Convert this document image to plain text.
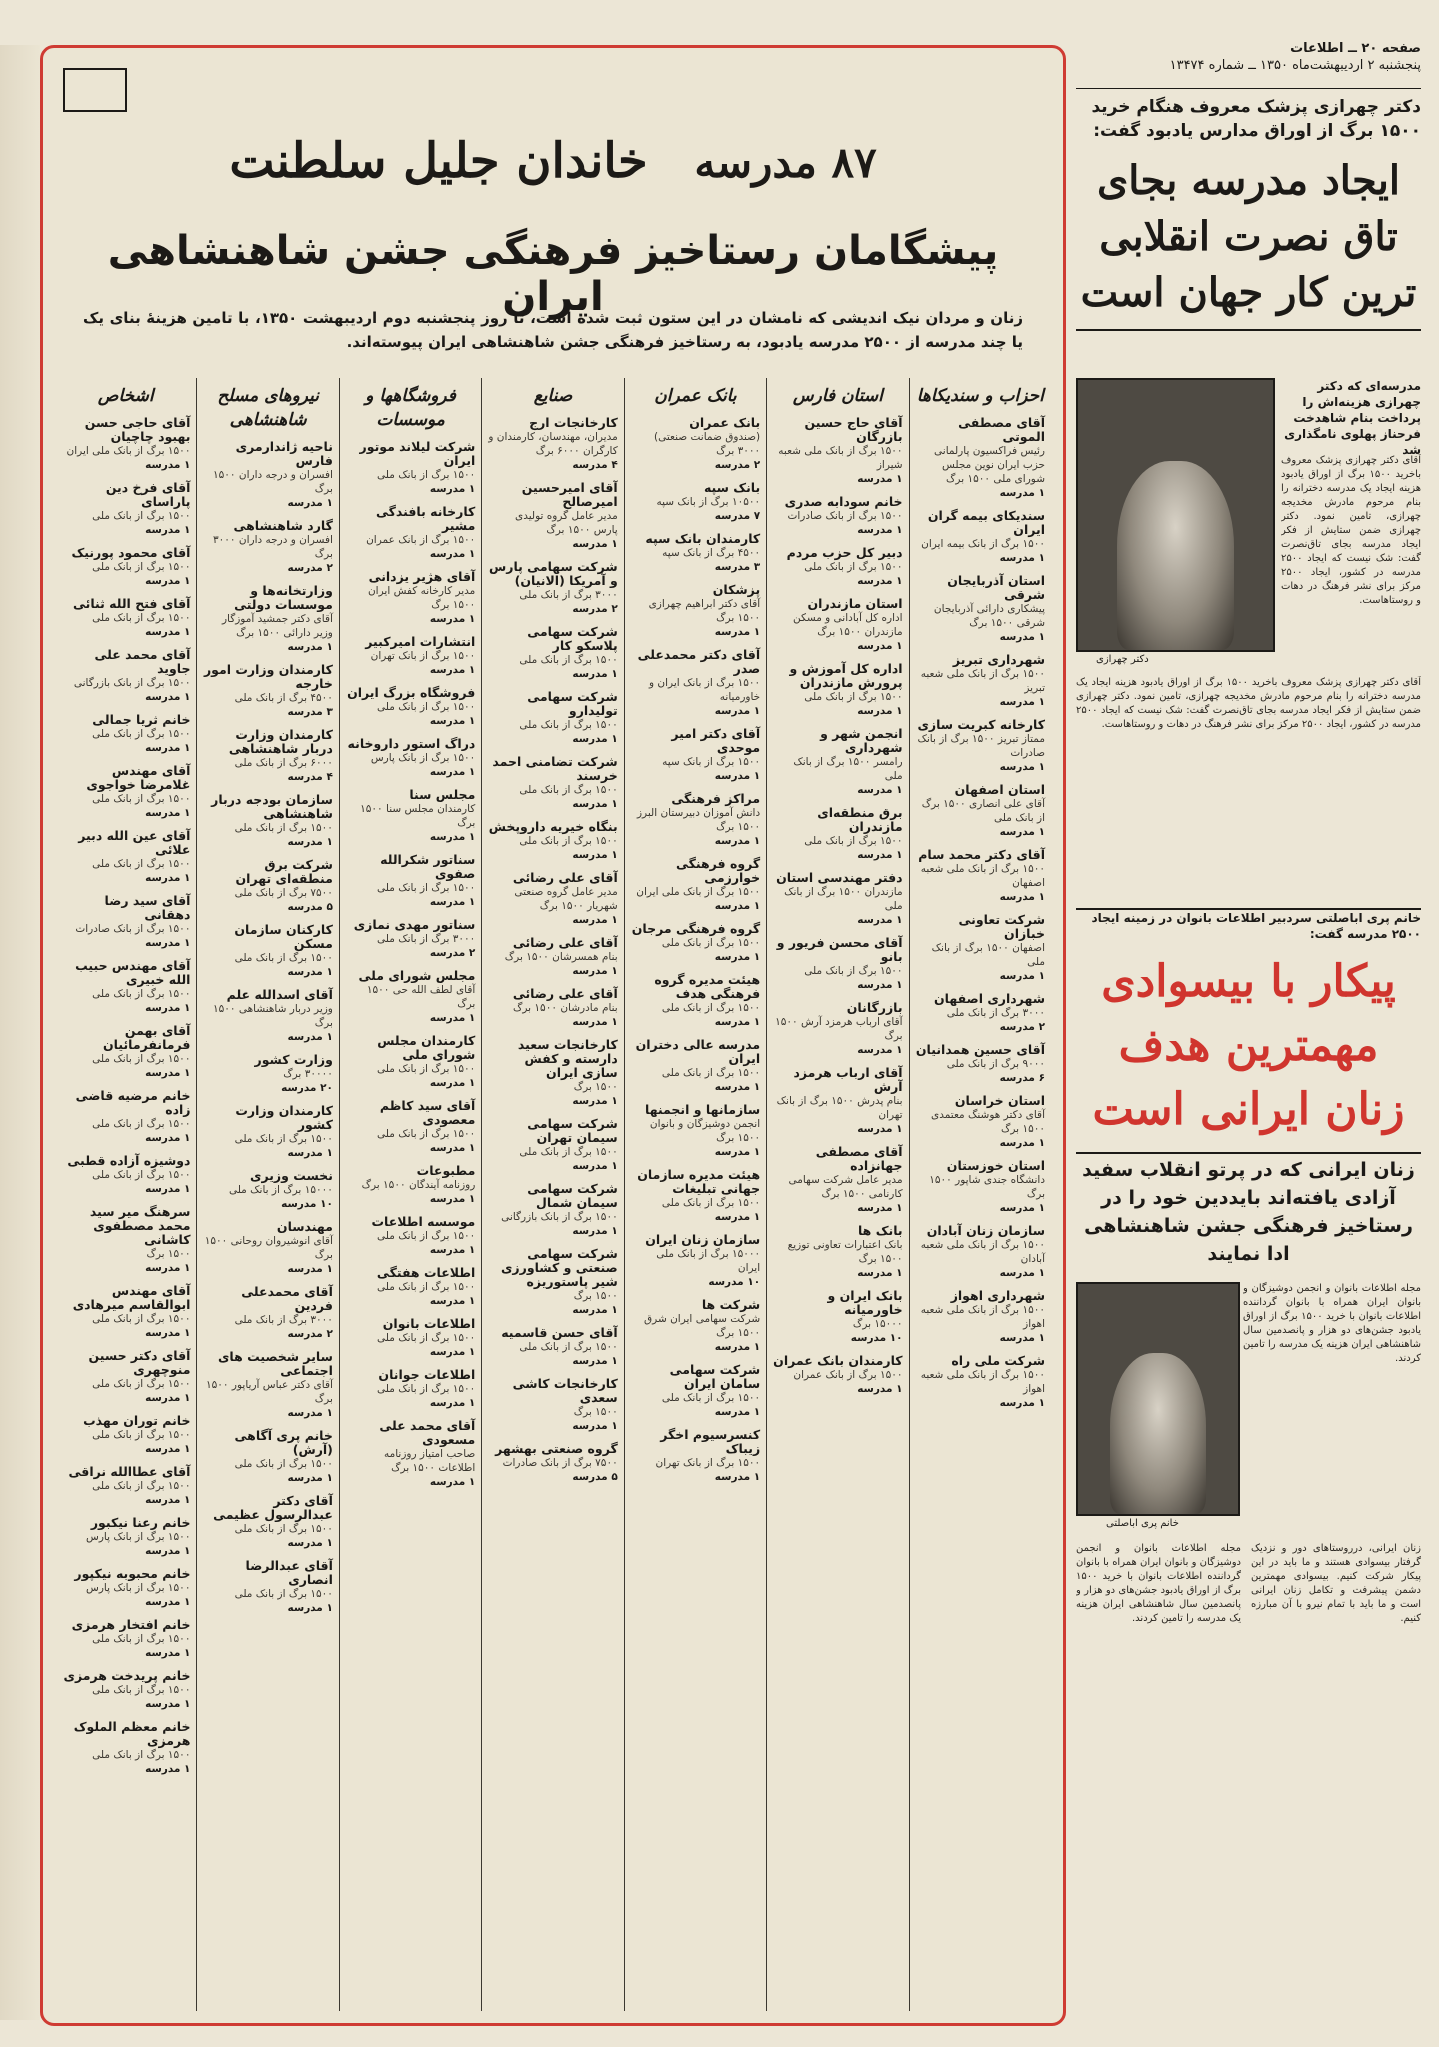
صفحه ۲۰ ــ اطلاعات
پنجشنبه ۲ اردیبهشت‌ماه ۱۳۵۰ ــ شماره ۱۳۴۷۴
دکتر چهرازی پزشک معروف هنگام خرید ۱۵۰۰ برگ از اوراق مدارس یادبود گفت:
ایجاد مدرسه بجای تاق نصرت انقلابی ترین کار جهان است
مدرسه‌ای که دکتر چهرازی هزینه‌اش را پرداخت بنام شاهدخت فرحناز پهلوی نامگذاری شد
دکتر چهرازی
آقای دکتر چهرازی پزشک معروف باخرید ۱۵۰۰ برگ از اوراق یادبود هزینه ایجاد یک مدرسه دخترانه را بنام مرحوم مادرش مخدیجه چهرازی، تامین نمود. دکتر چهرازی ضمن ستایش از فکر ایجاد مدرسه بجای تاق‌نصرت گفت: شک نیست که ایجاد ۲۵۰۰ مدرسه در کشور، ایجاد ۲۵۰۰ مرکز برای نشر فرهنگ در دهات و روستاهاست.
آقای دکتر چهرازی پزشک معروف باخرید ۱۵۰۰ برگ از اوراق یادبود هزینه ایجاد یک مدرسه دخترانه را بنام مرحوم مادرش مخدیجه چهرازی، تامین نمود. دکتر چهرازی ضمن ستایش از فکر ایجاد مدرسه بجای تاق‌نصرت گفت: شک نیست که ایجاد ۲۵۰۰ مدرسه در کشور، ایجاد ۲۵۰۰ مرکز برای نشر فرهنگ در دهات و روستاهاست.
خانم پری اباصلتی سردبیر اطلاعات بانوان در زمینه ایجاد ۲۵۰۰ مدرسه گفت:
پیکار با بیسوادی مهمترین هدف زنان ایرانی است
زنان ایرانی که در پرتو انقلاب سفید آزادی یافته‌اند بایددین خود را در رستاخیز فرهنگی جشن شاهنشاهی ادا نمایند
خانم پری اباصلتی
مجله اطلاعات بانوان و انجمن دوشیزگان و بانوان ایران همراه با بانوان گرداننده اطلاعات بانوان با خرید ۱۵۰۰ برگ از اوراق یادبود جشن‌های دو هزار و پانصدمین سال شاهنشاهی ایران هزینه یک مدرسه را تامین کردند.
زنان ایرانی، درروستاهای دور و نزدیک گرفتار بیسوادی هستند و ما باید در این پیکار شرکت کنیم. بیسوادی مهمترین دشمن پیشرفت و تکامل زنان ایرانی است و ما باید با تمام نیرو با آن مبارزه کنیم.
مجله اطلاعات بانوان و انجمن دوشیزگان و بانوان ایران همراه با بانوان گرداننده اطلاعات بانوان با خرید ۱۵۰۰ برگ از اوراق یادبود جشن‌های دو هزار و پانصدمین سال شاهنشاهی ایران هزینه یک مدرسه را تامین کردند.
۸۷ مدرسه خاندان جلیل سلطنت
پیشگامان رستاخیز فرهنگی جشن شاهنشاهی ایران
زنان و مردان نیک اندیشی که نامشان در این ستون ثبت شده است، تا روز پنجشنبه دوم اردیبهشت ۱۳۵۰، با تامین هزینهٔ بنای یک یا چند مدرسه از ۲۵۰۰ مدرسه یادبود، به رستاخیز فرهنگی جشن شاهنشاهی ایران پیوسته‌اند.
احزاب و سندیکاها
آقای مصطفی الموتی
رئیس فراکسیون پارلمانی حزب ایران نوین مجلس شورای ملی ۱۵۰۰ برگ
۱ مدرسه
سندیکای بیمه گران ایران
۱۵۰۰ برگ از بانک بیمه ایران
۱ مدرسه
استان آذربایجان شرقی
پیشکاری دارائی آذربایجان شرقی ۱۵۰۰ برگ
۱ مدرسه
شهرداری تبریز
۱۵۰۰ برگ از بانک ملی شعبه تبریز
۱ مدرسه
کارخانه کبریت سازی
ممتاز تبریز ۱۵۰۰ برگ از بانک صادرات
۱ مدرسه
استان اصفهان
آقای علی انصاری ۱۵۰۰ برگ از بانک ملی
۱ مدرسه
آقای دکتر محمد سام
۱۵۰۰ برگ از بانک ملی شعبه اصفهان
۱ مدرسه
شرکت تعاونی خبازان
اصفهان ۱۵۰۰ برگ از بانک ملی
۱ مدرسه
شهرداری اصفهان
۳۰۰۰ برگ از بانک ملی
۲ مدرسه
آقای حسین همدانیان
۹۰۰۰ برگ از بانک ملی
۶ مدرسه
استان خراسان
آقای دکتر هوشنگ معتمدی ۱۵۰۰ برگ
۱ مدرسه
استان خوزستان
دانشگاه جندی شاپور ۱۵۰۰ برگ
۱ مدرسه
سازمان زنان آبادان
۱۵۰۰ برگ از بانک ملی شعبه آبادان
۱ مدرسه
شهرداری اهواز
۱۵۰۰ برگ از بانک ملی شعبه اهواز
۱ مدرسه
شرکت ملی راه
۱۵۰۰ برگ از بانک ملی شعبه اهواز
۱ مدرسه
استان فارس
آقای حاج حسین بازرگان
۱۵۰۰ برگ از بانک ملی شعبه شیراز
۱ مدرسه
خانم سودابه صدری
۱۵۰۰ برگ از بانک صادرات
۱ مدرسه
دبیر کل حزب مردم
۱۵۰۰ برگ از بانک ملی
۱ مدرسه
استان مازندران
اداره کل آبادانی و مسکن مازندران ۱۵۰۰ برگ
۱ مدرسه
اداره کل آموزش و پرورش مازندران
۱۵۰۰ برگ از بانک ملی
۱ مدرسه
انجمن شهر و شهرداری
رامسر ۱۵۰۰ برگ از بانک ملی
۱ مدرسه
برق منطقه‌ای مازندران
۱۵۰۰ برگ از بانک ملی
۱ مدرسه
دفتر مهندسی استان
مازندران ۱۵۰۰ برگ از بانک ملی
۱ مدرسه
آقای محسن فریور و بانو
۱۵۰۰ برگ از بانک ملی
۱ مدرسه
بازرگانان
آقای ارباب هرمزد آرش ۱۵۰۰ برگ
۱ مدرسه
آقای ارباب هرمزد آرش
بنام پدرش ۱۵۰۰ برگ از بانک تهران
۱ مدرسه
آقای مصطفی جهانزاده
مدیر عامل شرکت سهامی کارنامی ۱۵۰۰ برگ
۱ مدرسه
بانک ها
بانک اعتبارات تعاونی توزیع ۱۵۰۰ برگ
۱ مدرسه
بانک ایران و خاورمیانه
۱۵۰۰۰ برگ
۱۰ مدرسه
کارمندان بانک عمران
۱۵۰۰ برگ از بانک عمران
۱ مدرسه
بانک عمران
بانک عمران
(صندوق ضمانت صنعتی) ۳۰۰۰ برگ
۲ مدرسه
بانک سپه
۱۰۵۰۰ برگ از بانک سپه
۷ مدرسه
کارمندان بانک سپه
۴۵۰۰ برگ از بانک سپه
۳ مدرسه
پزشکان
آقای دکتر ابراهیم چهرازی ۱۵۰۰ برگ
۱ مدرسه
آقای دکتر محمدعلی صدر
۱۵۰۰ برگ از بانک ایران و خاورمیانه
۱ مدرسه
آقای دکتر امیر موحدی
۱۵۰۰ برگ از بانک سپه
۱ مدرسه
مراکز فرهنگی
دانش آموزان دبیرستان البرز ۱۵۰۰ برگ
۱ مدرسه
گروه فرهنگی خوارزمی
۱۵۰۰ برگ از بانک ملی ایران
۱ مدرسه
گروه فرهنگی مرجان
۱۵۰۰ برگ از بانک ملی
۱ مدرسه
هیئت مدیره گروه فرهنگی هدف
۱۵۰۰ برگ از بانک ملی
۱ مدرسه
مدرسه عالی دختران ایران
۱۵۰۰ برگ از بانک ملی
۱ مدرسه
سازمانها و انجمنها
انجمن دوشیزگان و بانوان ۱۵۰۰ برگ
۱ مدرسه
هیئت مدیره سازمان جهانی تبلیغات
۱۵۰۰ برگ از بانک ملی
۱ مدرسه
سازمان زنان ایران
۱۵۰۰۰ برگ از بانک ملی ایران
۱۰ مدرسه
شرکت ها
شرکت سهامی ایران شرق ۱۵۰۰ برگ
۱ مدرسه
شرکت سهامی سامان ایران
۱۵۰۰ برگ از بانک ملی
۱ مدرسه
کنسرسیوم اخگر زیباک
۱۵۰۰ برگ از بانک تهران
۱ مدرسه
صنایع
کارخانجات ارج
مدیران، مهندسان، کارمندان و کارگران ۶۰۰۰ برگ
۴ مدرسه
آقای امیرحسین امیرصالح
مدیر عامل گروه تولیدی پارس ۱۵۰۰ برگ
۱ مدرسه
شرکت سهامی پارس و آمریکا (الانیان)
۳۰۰۰ برگ از بانک ملی
۲ مدرسه
شرکت سهامی پلاسکو کار
۱۵۰۰ برگ از بانک ملی
۱ مدرسه
شرکت سهامی تولیدارو
۱۵۰۰ برگ از بانک ملی
۱ مدرسه
شرکت تضامنی احمد خرسند
۱۵۰۰ برگ از بانک ملی
۱ مدرسه
بنگاه خیریه داروپخش
۱۵۰۰ برگ از بانک ملی
۱ مدرسه
آقای علی رضائی
مدیر عامل گروه صنعتی شهریار ۱۵۰۰ برگ
۱ مدرسه
آقای علی رضائی
بنام همسرشان ۱۵۰۰ برگ
۱ مدرسه
آقای علی رضائی
بنام مادرشان ۱۵۰۰ برگ
۱ مدرسه
کارخانجات سعید دارسته و کفش سازی ایران
۱۵۰۰ برگ
۱ مدرسه
شرکت سهامی سیمان تهران
۱۵۰۰ برگ از بانک ملی
۱ مدرسه
شرکت سهامی سیمان شمال
۱۵۰۰ برگ از بانک بازرگانی
۱ مدرسه
شرکت سهامی صنعتی و کشاورزی شیر پاستوریزه
۱۵۰۰ برگ
۱ مدرسه
آقای حسن قاسمیه
۱۵۰۰ برگ از بانک ملی
۱ مدرسه
کارخانجات کاشی سعدی
۱۵۰۰ برگ
۱ مدرسه
گروه صنعتی بهشهر
۷۵۰۰ برگ از بانک صادرات
۵ مدرسه
فروشگاهها و موسسات
شرکت لیلاند موتور ایران
۱۵۰۰ برگ از بانک ملی
۱ مدرسه
کارخانه بافندگی مشیر
۱۵۰۰ برگ از بانک عمران
۱ مدرسه
آقای هژیر یزدانی
مدیر کارخانه کفش ایران ۱۵۰۰ برگ
۱ مدرسه
انتشارات امیرکبیر
۱۵۰۰ برگ از بانک تهران
۱ مدرسه
فروشگاه بزرگ ایران
۱۵۰۰ برگ از بانک ملی
۱ مدرسه
دراگ استور داروخانه
۱۵۰۰ برگ از بانک پارس
۱ مدرسه
مجلس سنا
کارمندان مجلس سنا ۱۵۰۰ برگ
۱ مدرسه
سناتور شکرالله صفوی
۱۵۰۰ برگ از بانک ملی
۱ مدرسه
سناتور مهدی نمازی
۳۰۰۰ برگ از بانک ملی
۲ مدرسه
مجلس شورای ملی
آقای لطف الله حی ۱۵۰۰ برگ
۱ مدرسه
کارمندان مجلس شورای ملی
۱۵۰۰ برگ از بانک ملی
۱ مدرسه
آقای سید کاظم معصودی
۱۵۰۰ برگ از بانک ملی
۱ مدرسه
مطبوعات
روزنامه آیندگان ۱۵۰۰ برگ
۱ مدرسه
موسسه اطلاعات
۱۵۰۰ برگ از بانک ملی
۱ مدرسه
اطلاعات هفتگی
۱۵۰۰ برگ از بانک ملی
۱ مدرسه
اطلاعات بانوان
۱۵۰۰ برگ از بانک ملی
۱ مدرسه
اطلاعات جوانان
۱۵۰۰ برگ از بانک ملی
۱ مدرسه
آقای محمد علی مسعودی
صاحب امتیاز روزنامه اطلاعات ۱۵۰۰ برگ
۱ مدرسه
نیروهای مسلح شاهنشاهی
ناحیه ژاندارمری فارس
افسران و درجه داران ۱۵۰۰ برگ
۱ مدرسه
گارد شاهنشاهی
افسران و درجه داران ۳۰۰۰ برگ
۲ مدرسه
وزارتخانه‌ها و موسسات دولتی
آقای دکتر جمشید آموزگار وزیر دارائی ۱۵۰۰ برگ
۱ مدرسه
کارمندان وزارت امور خارجه
۴۵۰۰ برگ از بانک ملی
۳ مدرسه
کارمندان وزارت دربار شاهنشاهی
۶۰۰۰ برگ از بانک ملی
۴ مدرسه
سازمان بودجه دربار شاهنشاهی
۱۵۰۰ برگ از بانک ملی
۱ مدرسه
شرکت برق منطقه‌ای تهران
۷۵۰۰ برگ از بانک ملی
۵ مدرسه
کارکنان سازمان مسکن
۱۵۰۰ برگ از بانک ملی
۱ مدرسه
آقای اسدالله علم
وزیر دربار شاهنشاهی ۱۵۰۰ برگ
۱ مدرسه
وزارت کشور
۳۰۰۰۰ برگ
۲۰ مدرسه
کارمندان وزارت کشور
۱۵۰۰ برگ از بانک ملی
۱ مدرسه
نخست وزیری
۱۵۰۰۰ برگ از بانک ملی
۱۰ مدرسه
مهندسان
آقای انوشیروان روحانی ۱۵۰۰ برگ
۱ مدرسه
آقای محمدعلی فردین
۳۰۰۰ برگ از بانک ملی
۲ مدرسه
سایر شخصیت های اجتماعی
آقای دکتر عباس آریاپور ۱۵۰۰ برگ
۱ مدرسه
خانم پری آگاهی (آرش)
۱۵۰۰ برگ از بانک ملی
۱ مدرسه
آقای دکتر عبدالرسول عظیمی
۱۵۰۰ برگ از بانک ملی
۱ مدرسه
آقای عبدالرضا انصاری
۱۵۰۰ برگ از بانک ملی
۱ مدرسه
اشخاص
آقای حاجی حسن بهبود چاچیان
۱۵۰۰ برگ از بانک ملی ایران
۱ مدرسه
آقای فرخ دین پاراسای
۱۵۰۰ برگ از بانک ملی
۱ مدرسه
آقای محمود پورنیک
۱۵۰۰ برگ از بانک ملی
۱ مدرسه
آقای فتح الله ثنائی
۱۵۰۰ برگ از بانک ملی
۱ مدرسه
آقای محمد علی جاوید
۱۵۰۰ برگ از بانک بازرگانی
۱ مدرسه
خانم ثریا جمالی
۱۵۰۰ برگ از بانک ملی
۱ مدرسه
آقای مهندس غلامرضا خواجوی
۱۵۰۰ برگ از بانک ملی
۱ مدرسه
آقای عین الله دبیر علائی
۱۵۰۰ برگ از بانک ملی
۱ مدرسه
آقای سید رضا دهقانی
۱۵۰۰ برگ از بانک صادرات
۱ مدرسه
آقای مهندس حبیب الله خبیری
۱۵۰۰ برگ از بانک ملی
۱ مدرسه
آقای بهمن فرمانفرمائیان
۱۵۰۰ برگ از بانک ملی
۱ مدرسه
خانم مرضیه قاضی زاده
۱۵۰۰ برگ از بانک ملی
۱ مدرسه
دوشیزه آزاده قطبی
۱۵۰۰ برگ از بانک ملی
۱ مدرسه
سرهنگ میر سید محمد مصطفوی کاشانی
۱۵۰۰ برگ
۱ مدرسه
آقای مهندس ابوالقاسم میرهادی
۱۵۰۰ برگ از بانک ملی
۱ مدرسه
آقای دکتر حسین منوچهری
۱۵۰۰ برگ از بانک ملی
۱ مدرسه
خانم توران مهذب
۱۵۰۰ برگ از بانک ملی
۱ مدرسه
آقای عطاالله نراقی
۱۵۰۰ برگ از بانک ملی
۱ مدرسه
خانم رعنا نیکبور
۱۵۰۰ برگ از بانک پارس
۱ مدرسه
خانم محبوبه نیکپور
۱۵۰۰ برگ از بانک پارس
۱ مدرسه
خانم افتخار هرمزی
۱۵۰۰ برگ از بانک ملی
۱ مدرسه
خانم پریدخت هرمزی
۱۵۰۰ برگ از بانک ملی
۱ مدرسه
خانم معظم الملوک هرمزی
۱۵۰۰ برگ از بانک ملی
۱ مدرسه
